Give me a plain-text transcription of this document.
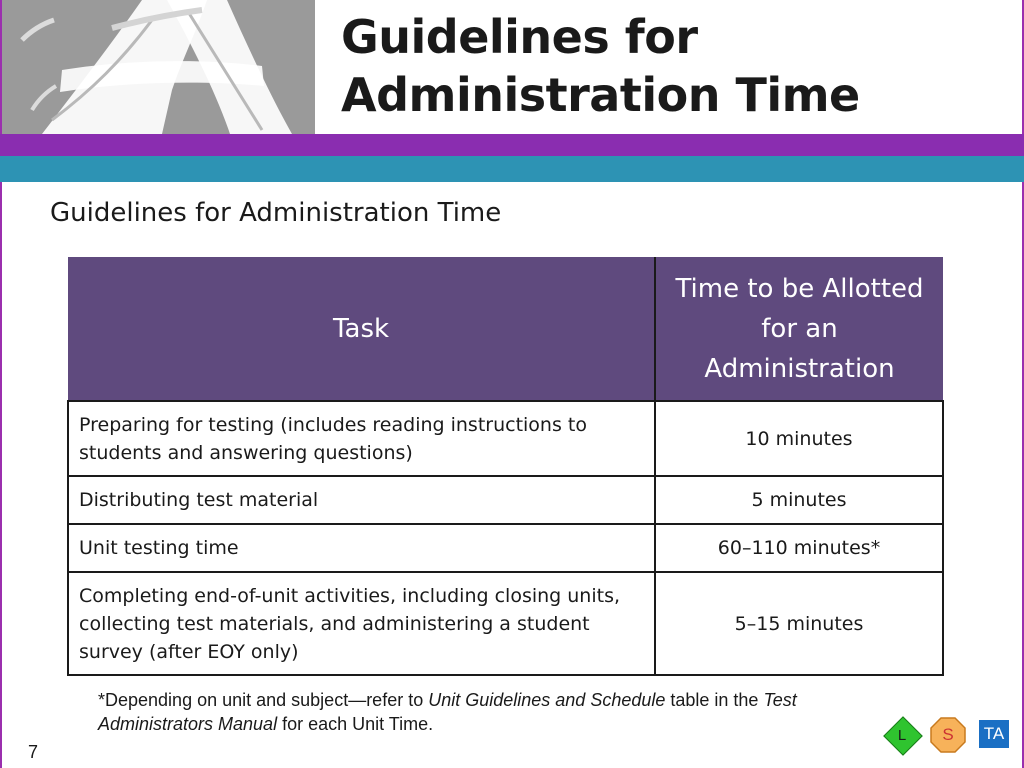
Guidelines for
Administration Time
Guidelines for Administration Time
Task	Time to be Allotted for an Administration
Preparing for testing (includes reading instructions to students and answering questions)	10 minutes
Distributing test material	5 minutes
Unit testing time	60–110 minutes*
Completing end-of-unit activities, including closing units, collecting test materials, and administering a student survey (after EOY only)	5–15 minutes

*Depending on unit and subject—refer to Unit Guidelines and Schedule table in the Test Administrators Manual for each Unit Time.

7
L S TA
